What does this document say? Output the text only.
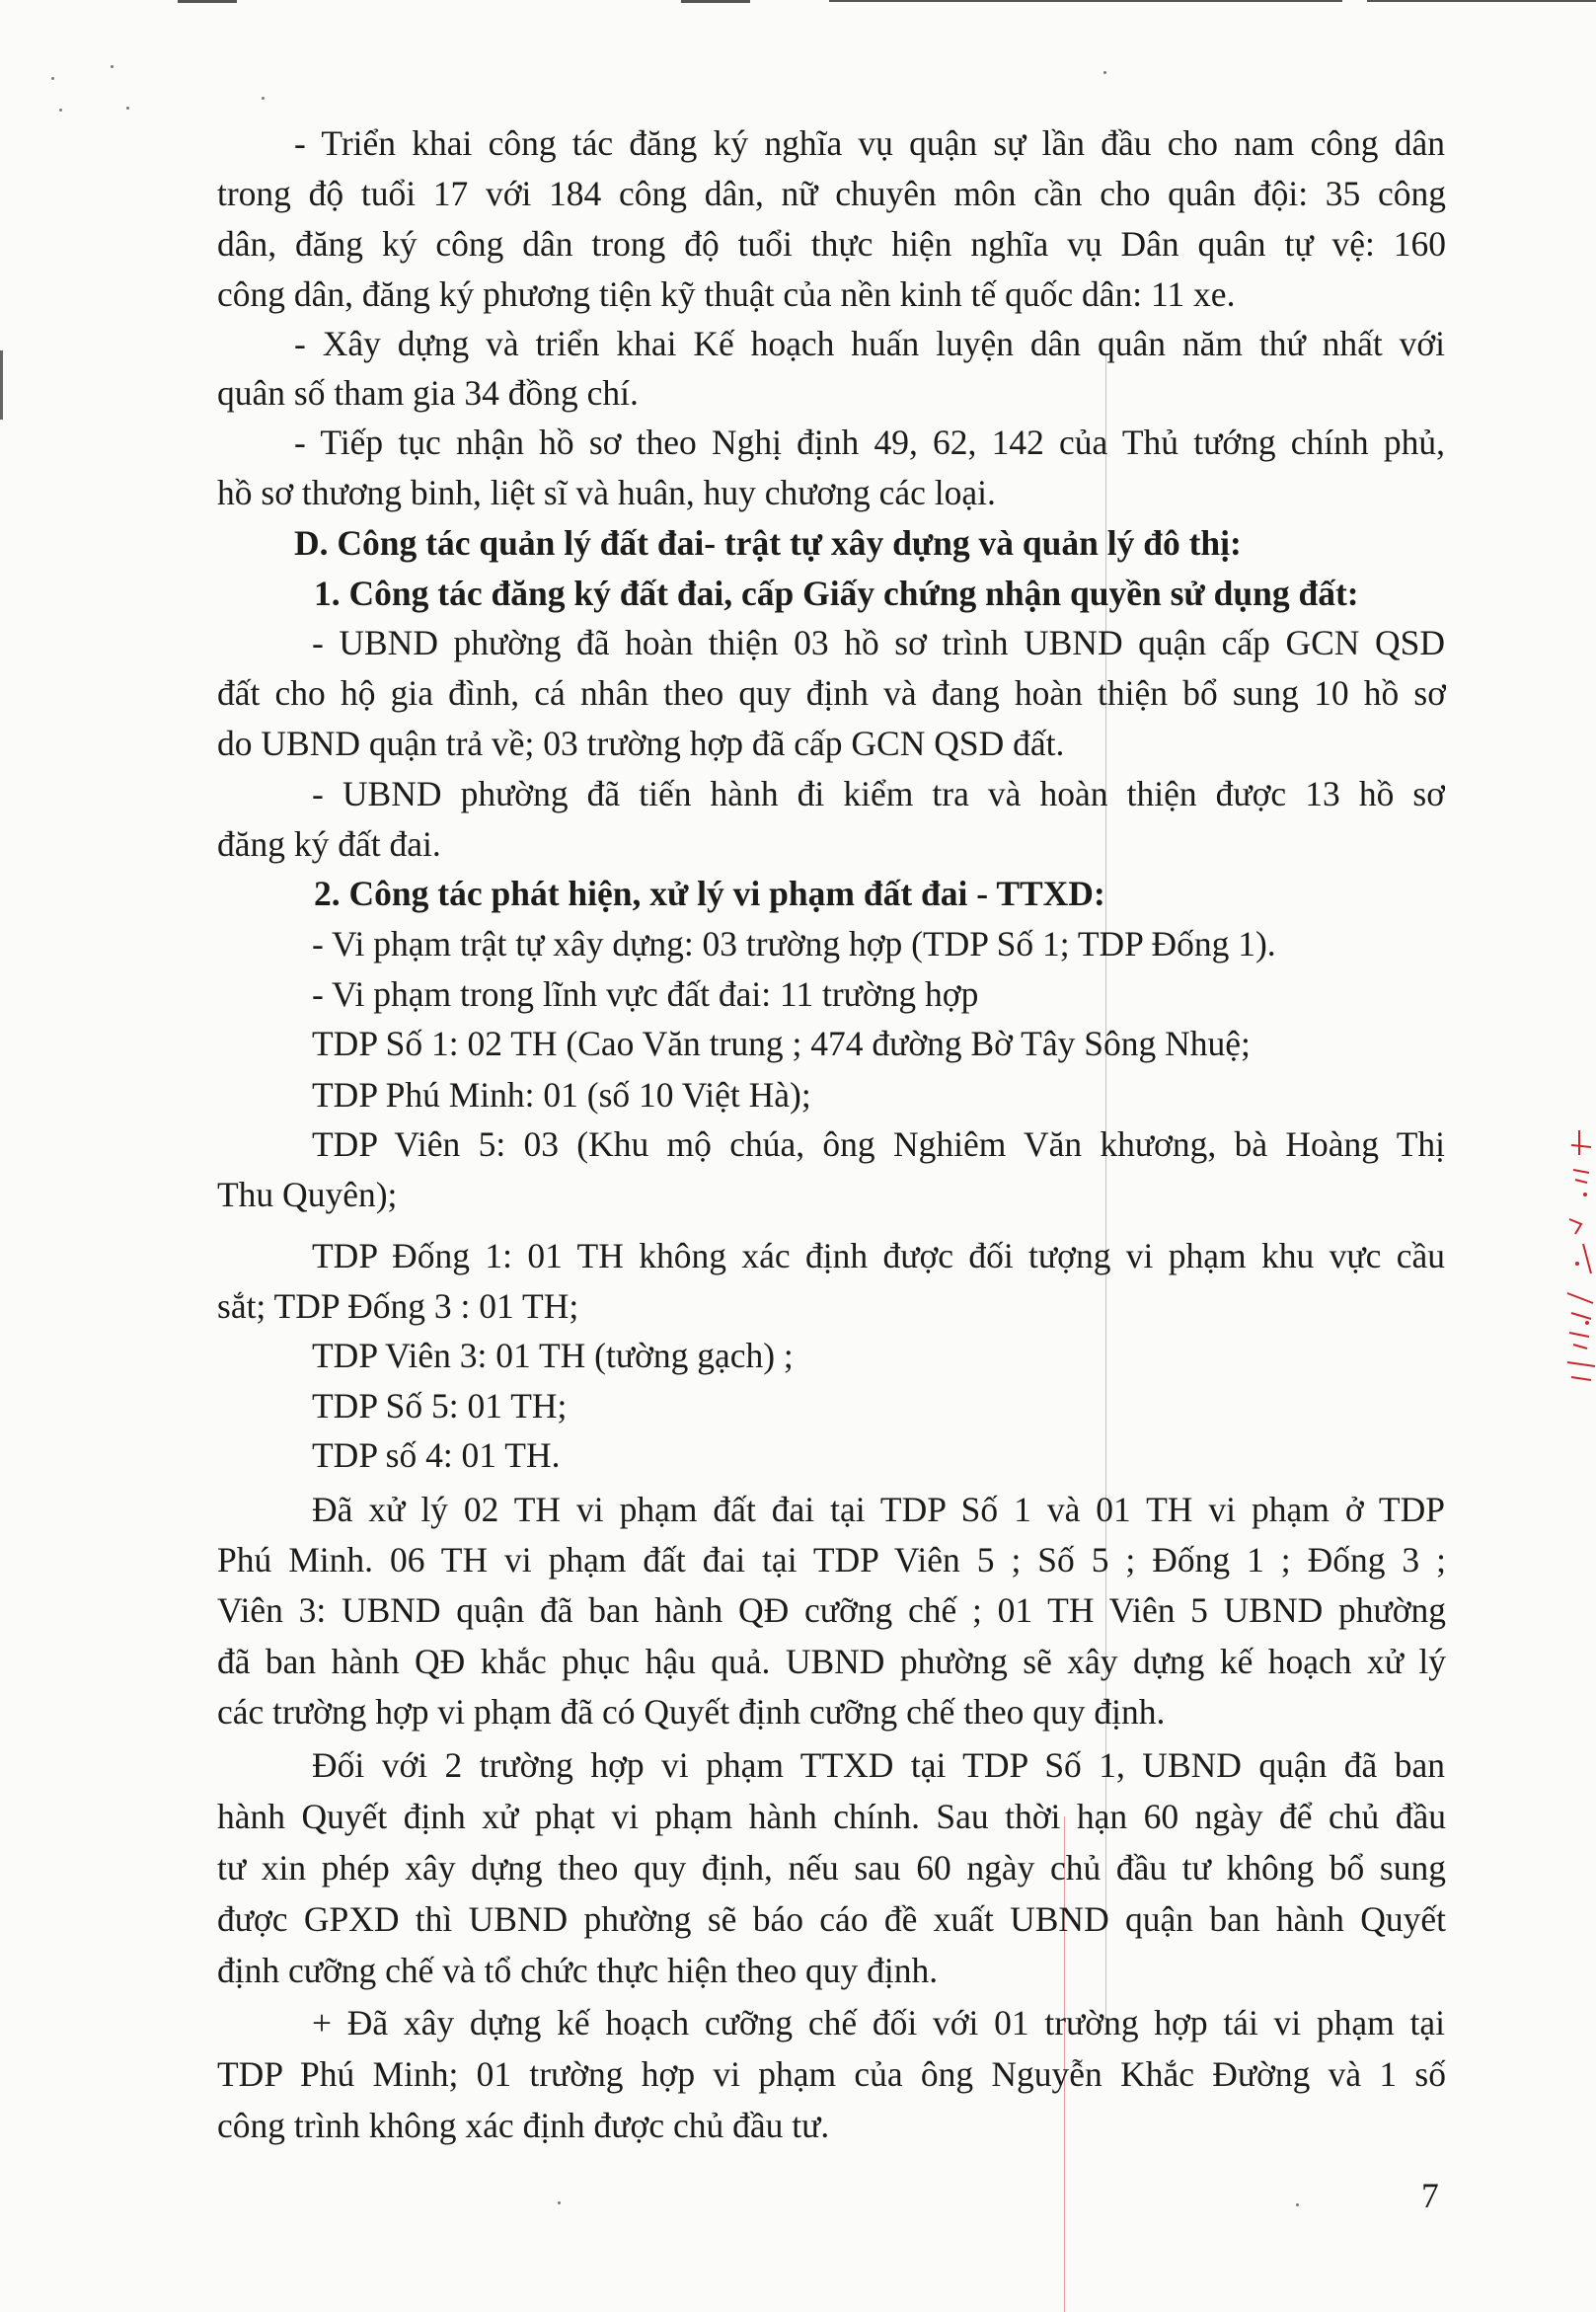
- Triển khai công tác đăng ký nghĩa vụ quận sự lần đầu cho nam công dân
trong độ tuổi 17 với 184 công dân, nữ chuyên môn cần cho quân đội: 35 công
dân, đăng ký công dân trong độ tuổi thực hiện nghĩa vụ Dân quân tự vệ: 160
công dân, đăng ký phương tiện kỹ thuật của nền kinh tế quốc dân: 11 xe.
- Xây dựng và triển khai Kế hoạch huấn luyện dân quân năm thứ nhất với
quân số tham gia 34 đồng chí.
- Tiếp tục nhận hồ sơ theo Nghị định 49, 62, 142 của Thủ tướng chính phủ,
hồ sơ thương binh, liệt sĩ và huân, huy chương các loại.
D. Công tác quản lý đất đai- trật tự xây dựng và quản lý đô thị:
1. Công tác đăng ký đất đai, cấp Giấy chứng nhận quyền sử dụng đất:
- UBND phường đã hoàn thiện 03 hồ sơ trình UBND quận cấp GCN QSD
đất cho hộ gia đình, cá nhân theo quy định và đang hoàn thiện bổ sung 10 hồ sơ
do UBND quận trả về; 03 trường hợp đã cấp GCN QSD đất.
- UBND phường đã tiến hành đi kiểm tra và hoàn thiện được 13 hồ sơ
đăng ký đất đai.
2. Công tác phát hiện, xử lý vi phạm đất đai - TTXD:
- Vi phạm trật tự xây dựng: 03 trường hợp (TDP Số 1; TDP Đống 1).
- Vi phạm trong lĩnh vực đất đai: 11 trường hợp
TDP Số 1: 02 TH (Cao Văn trung ; 474 đường Bờ Tây Sông Nhuệ;
TDP Phú Minh: 01 (số 10 Việt Hà);
TDP Viên 5: 03 (Khu mộ chúa, ông Nghiêm Văn khương, bà Hoàng Thị
Thu Quyên);
TDP Đống 1: 01 TH không xác định được đối tượng vi phạm khu vực cầu
sắt; TDP Đống 3 : 01 TH;
TDP Viên 3: 01 TH (tường gạch) ;
TDP Số 5: 01 TH;
TDP số 4: 01 TH.
Đã xử lý 02 TH vi phạm đất đai tại TDP Số 1 và 01 TH vi phạm ở TDP
Phú Minh. 06 TH vi phạm đất đai tại TDP Viên 5 ; Số 5 ; Đống 1 ; Đống 3 ;
Viên 3: UBND quận đã ban hành QĐ cưỡng chế ; 01 TH Viên 5 UBND phường
đã ban hành QĐ khắc phục hậu quả. UBND phường sẽ xây dựng kế hoạch xử lý
các trường hợp vi phạm đã có Quyết định cưỡng chế theo quy định.
Đối với 2 trường hợp vi phạm TTXD tại TDP Số 1, UBND quận đã ban
hành Quyết định xử phạt vi phạm hành chính. Sau thời hạn 60 ngày để chủ đầu
tư xin phép xây dựng theo quy định, nếu sau 60 ngày chủ đầu tư không bổ sung
được GPXD thì UBND phường sẽ báo cáo đề xuất UBND quận ban hành Quyết
định cưỡng chế và tổ chức thực hiện theo quy định.
+ Đã xây dựng kế hoạch cưỡng chế đối với 01 trường hợp tái vi phạm tại
TDP Phú Minh; 01 trường hợp vi phạm của ông Nguyễn Khắc Đường và 1 số
công trình không xác định được chủ đầu tư.
7
